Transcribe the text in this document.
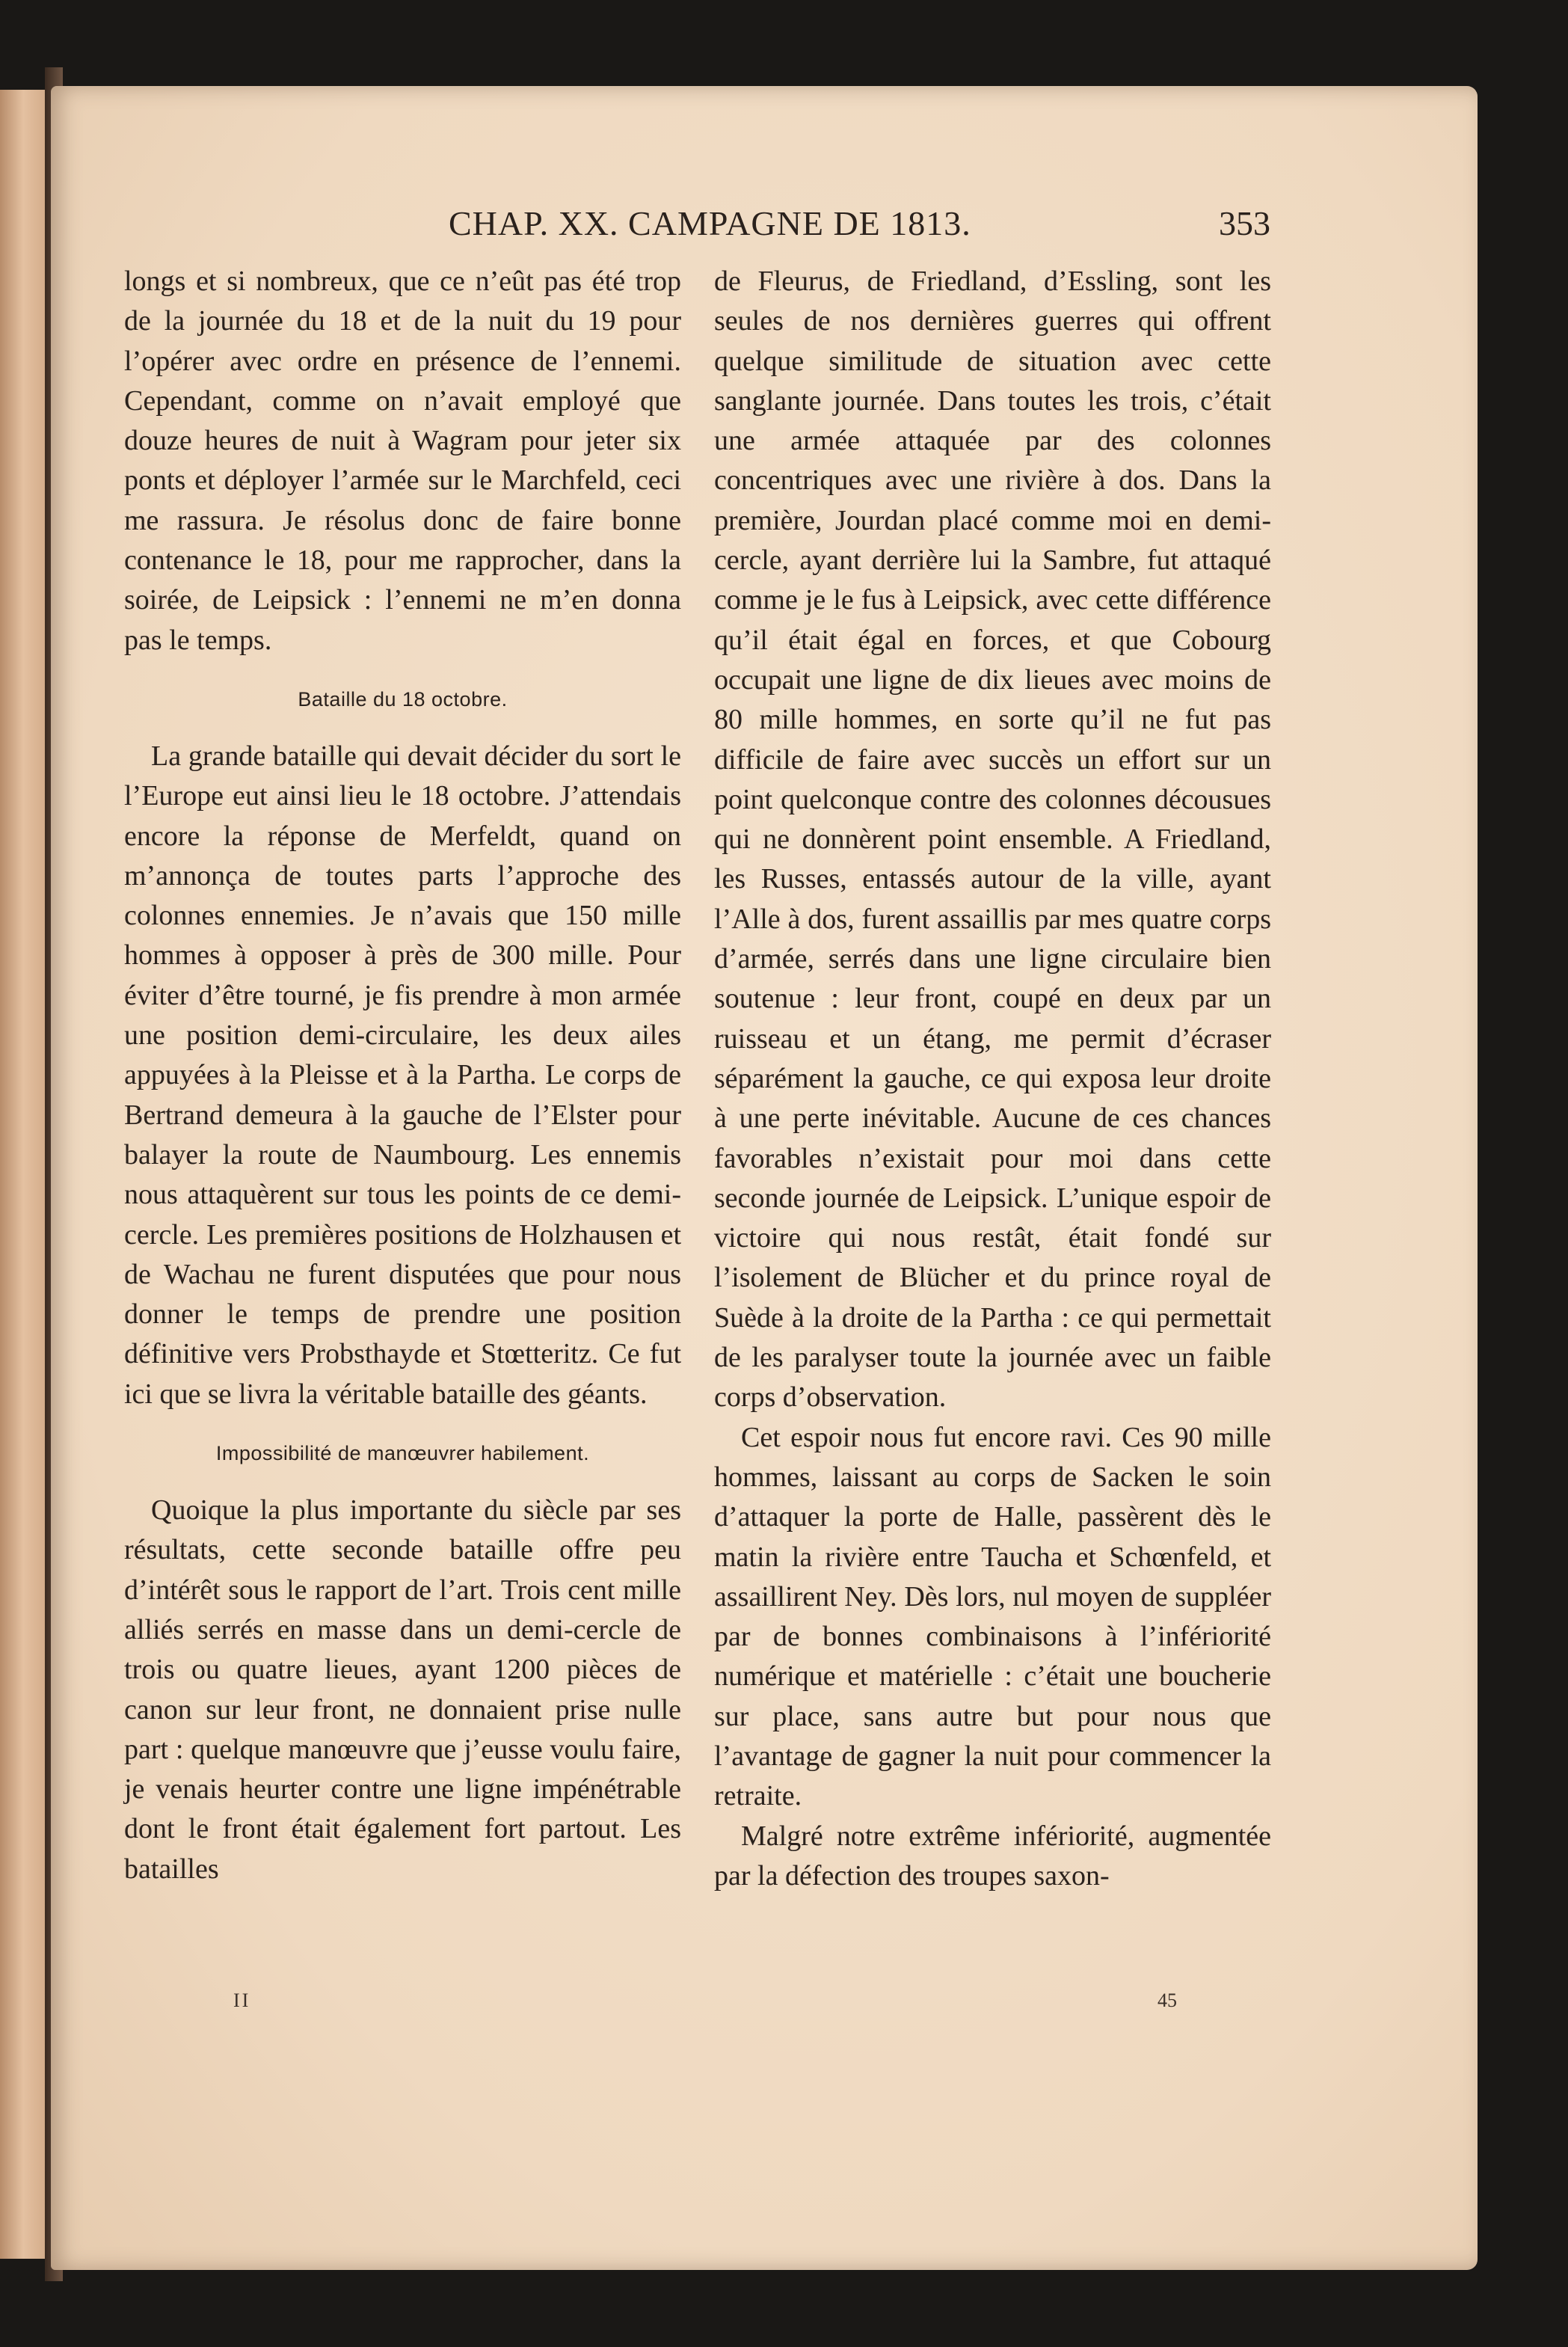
CHAP. XX. CAMPAGNE DE 1813.	353

longs et si nombreux, que ce n’eût pas été trop de la journée du 18 et de la nuit du 19 pour l’opérer avec ordre en présence de l’ennemi. Cependant, comme on n’avait employé que douze heures de nuit à Wagram pour jeter six ponts et déployer l’armée sur le Marchfeld, ceci me rassura. Je résolus donc de faire bonne contenance le 18, pour me rapprocher, dans la soirée, de Leipsick : l’ennemi ne m’en donna pas le temps.

Bataille du 18 octobre.

La grande bataille qui devait décider du sort le l’Europe eut ainsi lieu le 18 octobre. J’attendais encore la réponse de Merfeldt, quand on m’annonça de toutes parts l’approche des colonnes ennemies. Je n’avais que 150 mille hommes à opposer à près de 300 mille. Pour éviter d’être tourné, je fis prendre à mon armée une position demi-circulaire, les deux ailes appuyées à la Pleisse et à la Partha. Le corps de Bertrand demeura à la gauche de l’Elster pour balayer la route de Naumbourg. Les ennemis nous attaquèrent sur tous les points de ce demi-cercle. Les premières positions de Holzhausen et de Wachau ne furent disputées que pour nous donner le temps de prendre une position définitive vers Probsthayde et Stœtteritz. Ce fut ici que se livra la véritable bataille des géants.

Impossibilité de manœuvrer habilement.

Quoique la plus importante du siècle par ses résultats, cette seconde bataille offre peu d’intérêt sous le rapport de l’art. Trois cent mille alliés serrés en masse dans un demi-cercle de trois ou quatre lieues, ayant 1200 pièces de canon sur leur front, ne donnaient prise nulle part : quelque manœuvre que j’eusse voulu faire, je venais heurter contre une ligne impénétrable dont le front était également fort partout. Les batailles

de Fleurus, de Friedland, d’Essling, sont les seules de nos dernières guerres qui offrent quelque similitude de situation avec cette sanglante journée. Dans toutes les trois, c’était une armée attaquée par des colonnes concentriques avec une rivière à dos. Dans la première, Jourdan placé comme moi en demi-cercle, ayant derrière lui la Sambre, fut attaqué comme je le fus à Leipsick, avec cette différence qu’il était égal en forces, et que Cobourg occupait une ligne de dix lieues avec moins de 80 mille hommes, en sorte qu’il ne fut pas difficile de faire avec succès un effort sur un point quelconque contre des colonnes décousues qui ne donnèrent point ensemble. A Friedland, les Russes, entassés autour de la ville, ayant l’Alle à dos, furent assaillis par mes quatre corps d’armée, serrés dans une ligne circulaire bien soutenue : leur front, coupé en deux par un ruisseau et un étang, me permit d’écraser séparément la gauche, ce qui exposa leur droite à une perte inévitable. Aucune de ces chances favorables n’existait pour moi dans cette seconde journée de Leipsick. L’unique espoir de victoire qui nous restât, était fondé sur l’isolement de Blücher et du prince royal de Suède à la droite de la Partha : ce qui permettait de les paralyser toute la journée avec un faible corps d’observation.

Cet espoir nous fut encore ravi. Ces 90 mille hommes, laissant au corps de Sacken le soin d’attaquer la porte de Halle, passèrent dès le matin la rivière entre Taucha et Schœnfeld, et assaillirent Ney. Dès lors, nul moyen de suppléer par de bonnes combinaisons à l’infériorité numérique et matérielle : c’était une boucherie sur place, sans autre but pour nous que l’avantage de gagner la nuit pour commencer la retraite.

Malgré notre extrême infériorité, augmentée par la défection des troupes saxon-

II	45
